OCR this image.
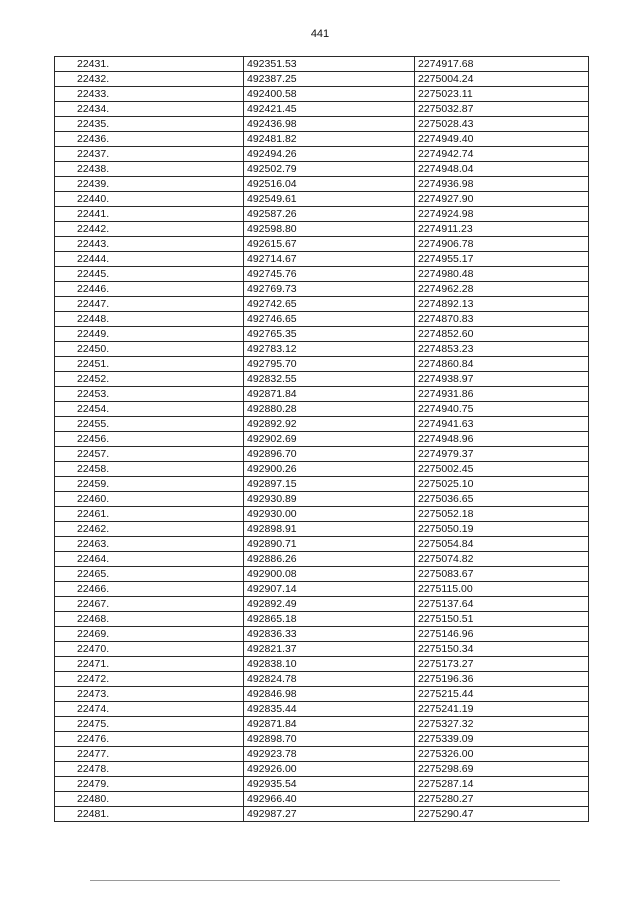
441
22431.	492351.53	2274917.68
22432.	492387.25	2275004.24
22433.	492400.58	2275023.11
22434.	492421.45	2275032.87
22435.	492436.98	2275028.43
22436.	492481.82	2274949.40
22437.	492494.26	2274942.74
22438.	492502.79	2274948.04
22439.	492516.04	2274936.98
22440.	492549.61	2274927.90
22441.	492587.26	2274924.98
22442.	492598.80	2274911.23
22443.	492615.67	2274906.78
22444.	492714.67	2274955.17
22445.	492745.76	2274980.48
22446.	492769.73	2274962.28
22447.	492742.65	2274892.13
22448.	492746.65	2274870.83
22449.	492765.35	2274852.60
22450.	492783.12	2274853.23
22451.	492795.70	2274860.84
22452.	492832.55	2274938.97
22453.	492871.84	2274931.86
22454.	492880.28	2274940.75
22455.	492892.92	2274941.63
22456.	492902.69	2274948.96
22457.	492896.70	2274979.37
22458.	492900.26	2275002.45
22459.	492897.15	2275025.10
22460.	492930.89	2275036.65
22461.	492930.00	2275052.18
22462.	492898.91	2275050.19
22463.	492890.71	2275054.84
22464.	492886.26	2275074.82
22465.	492900.08	2275083.67
22466.	492907.14	2275115.00
22467.	492892.49	2275137.64
22468.	492865.18	2275150.51
22469.	492836.33	2275146.96
22470.	492821.37	2275150.34
22471.	492838.10	2275173.27
22472.	492824.78	2275196.36
22473.	492846.98	2275215.44
22474.	492835.44	2275241.19
22475.	492871.84	2275327.32
22476.	492898.70	2275339.09
22477.	492923.78	2275326.00
22478.	492926.00	2275298.69
22479.	492935.54	2275287.14
22480.	492966.40	2275280.27
22481.	492987.27	2275290.47
